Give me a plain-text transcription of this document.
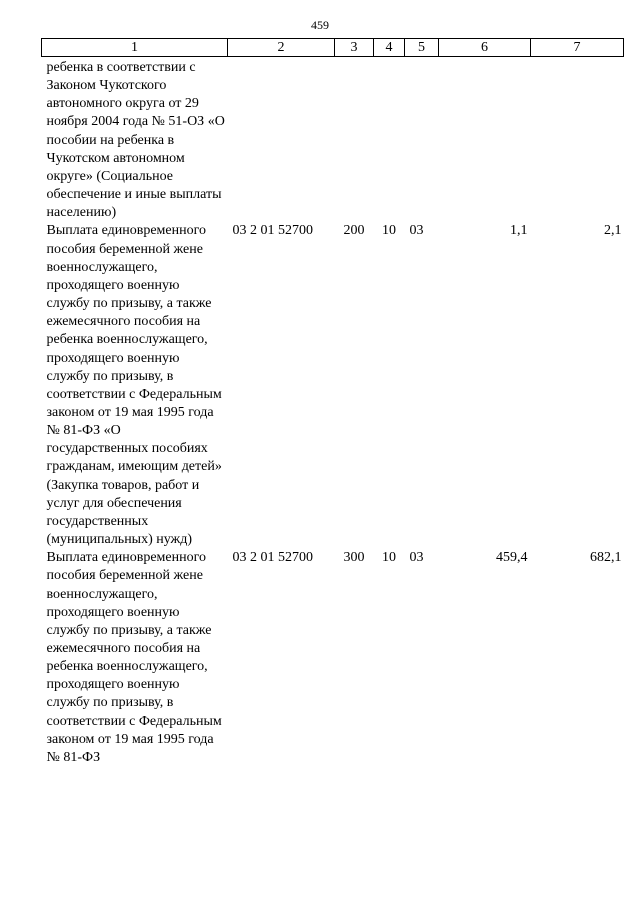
459
1	2	3	4	5	6	7
ребенка в соответствии с Законом Чукотского автономного округа от 29 ноября 2004 года № 51-ОЗ «О пособии на ребенка в Чукотском автономном округе» (Социальное обеспечение и иные выплаты населению)						
Выплата единовременного пособия беременной жене военнослужащего, проходящего военную службу по призыву, а также ежемесячного пособия на ребенка военнослужащего, проходящего военную службу по призыву, в соответствии с Федеральным законом от 19 мая 1995 года № 81-ФЗ «О государственных пособиях гражданам, имеющим детей» (Закупка товаров, работ и услуг для обеспечения государственных (муниципальных) нужд)	03 2 01 52700	200	10	03	1,1	2,1
Выплата единовременного пособия беременной жене военнослужащего, проходящего военную службу по призыву, а также ежемесячного пособия на ребенка военнослужащего, проходящего военную службу по призыву, в соответствии с Федеральным законом от 19 мая 1995 года № 81-ФЗ	03 2 01 52700	300	10	03	459,4	682,1
